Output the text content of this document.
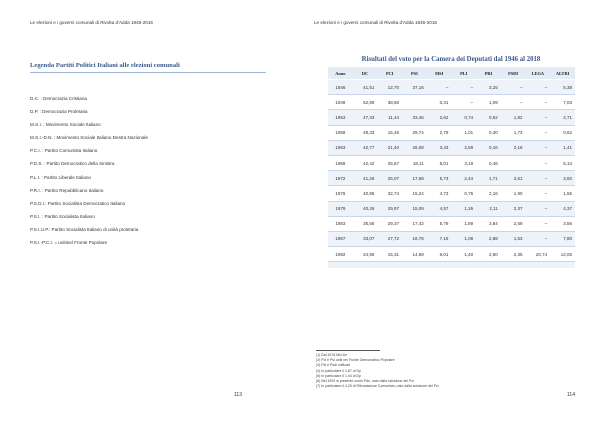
Le elezioni e i governi comunali di Rivolta d'Adda 1946-2016
Legenda Partiti Politici Italiani alle elezioni comunali
D.C. : Democrazia Cristiana
D.P. : Democrazia Proletaria
M.S.I. : Movimento Sociale Italiano
M.S.I.-D.N. : Movimento Sociale Italiano Destra Nazionale
P.C.I. : Partito Comunista Italiano
P.D.S. : Partito Democratico della Sinistra
P.L.I. : Partito Liberale Italiano
P.R.I. : Partito Repubblicano Italiano
P.S.D.I.: Partito Socialista Democratico Italiano
P.S.I. : Partito Socialista Italiano
P.S.I.U.P.: Partito Socialista Italiano di unità proletaria
P.S.I.-P.C.I. = unitinel Fronte Popolare
113
Le elezioni e i governi comunali di Rivolta d'Adda 1946-2016
Risultati del voto per la Camera dei Deputati dal 1946 al 2018
Anno	DC	PCI	PSI	MSI	PLI	PRI	PSDI	LEGA	ALTRI
1946	41,51	12,70	37,16	–	–	3,25	–	–	5,38
1948	52,89	38,68		0,31	–	1,09	–	–	7,03
1953	47,33	11,44	33,46	2,62	0,74	0,62	1,82	–	2,71
1958	48,33	15,48	29,74	2,79	1,01	0,30	1,73	–	0,62
1963	42,77	21,40	26,08	3,43	2,59	0,16	2,16	–	1,41
1968	42,42	25,67	18,11	5,01	3,19	0,46		–	5,14
1972	41,26	25,07	17,68	5,73	2,44	1,71	2,61	–	3,50
1976	40,95	32,74	15,24	4,73	0,75	2,16	1,90	–	1,55
1979	40,26	29,97	15,09	4,57	1,26	2,11	2,37	–	4,37
1983	35,56	29,37	17,42	5,79	1,89	3,84	2,59	–	3,56
1987	33,07	27,72	18,76	7,16	1,08	2,88	1,53	–	7,80
1992	24,95	15,31	14,59	6,01	1,40	2,60	2,35	20,74	12,05

(1) Dal 1976 Msi-Dn
(2) Pci e Psi uniti nel Fronte Democratico Popolare
(3) Psi e Psdi unificati
(4) In particolare il 1,67 di Dp
(5) In particolare il 1,44 di Dp
(6) Nel 1992 si presentò come Pds, nato dalla scissione del Pci
(7) In particolare il 4,29 di Rifondazione Comunista, nato dalla scissione del Pci
114
